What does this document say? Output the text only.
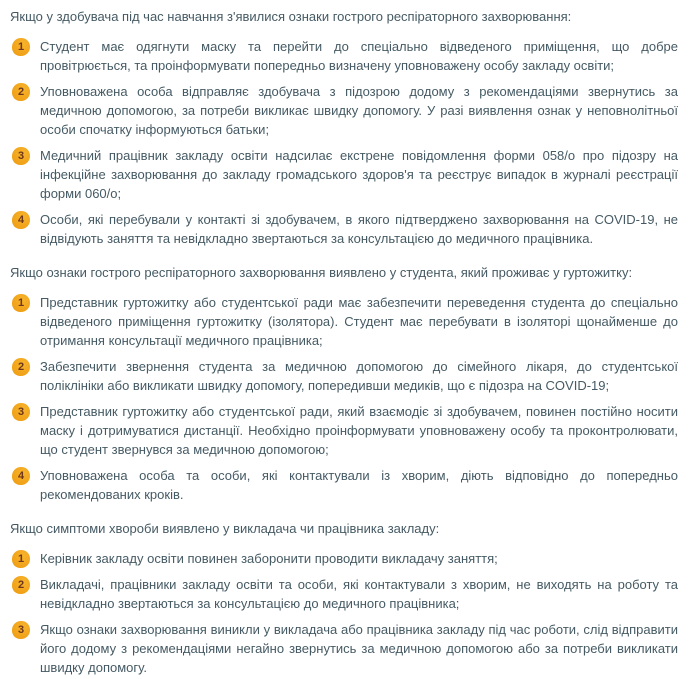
Якщо у здобувача під час навчання з'явилися ознаки гострого респіраторного захворювання:

1	Студент має одягнути маску та перейти до спеціально відведеного приміщення, що добре провітрюється, та проінформувати попередньо визначену уповноважену особу закладу освіти;

2	Уповноважена особа відправляє здобувача з підозрою додому з рекомендаціями звернутись за медичною допомогою, за потреби викликає швидку допомогу. У разі виявлення ознак у неповнолітньої особи спочатку інформуються батьки;

3	Медичний працівник закладу освіти надсилає екстрене повідомлення форми 058/о про підозру на інфекційне захворювання до закладу громадського здоров'я та реєструє випадок в журналі реєстрації форми 060/о;

4	Особи, які перебували у контакті зі здобувачем, в якого підтверджено захворювання на COVID-19, не відвідують заняття та невідкладно звертаються за консультацією до медичного працівника.

Якщо ознаки гострого респіраторного захворювання виявлено у студента, який проживає у гуртожитку:

1	Представник гуртожитку або студентської ради має забезпечити переведення студента до спеціально відведеного приміщення гуртожитку (ізолятора). Студент має перебувати в ізоляторі щонайменше до отримання консультації медичного працівника;

2	Забезпечити звернення студента за медичною допомогою до сімейного лікаря, до студентської поліклініки або викликати швидку допомогу, попередивши медиків, що є підозра на COVID-19;

3	Представник гуртожитку або студентської ради, який взаємодіє зі здобувачем, повинен постійно носити маску і дотримуватися дистанції. Необхідно проінформувати уповноважену особу та проконтролювати, що студент звернувся за медичною допомогою;

4	Уповноважена особа та особи, які контактували із хворим, діють відповідно до попередньо рекомендованих кроків.

Якщо симптоми хвороби виявлено у викладача чи працівника закладу:

1	Керівник закладу освіти повинен заборонити проводити викладачу заняття;

2	Викладачі, працівники закладу освіти та особи, які контактували з хворим, не виходять на роботу та невідкладно звертаються за консультацією до медичного працівника;

3	Якщо ознаки захворювання виникли у викладача або працівника закладу під час роботи, слід відправити його додому з рекомендаціями негайно звернутись за медичною допомогою або за потреби викликати швидку допомогу.
